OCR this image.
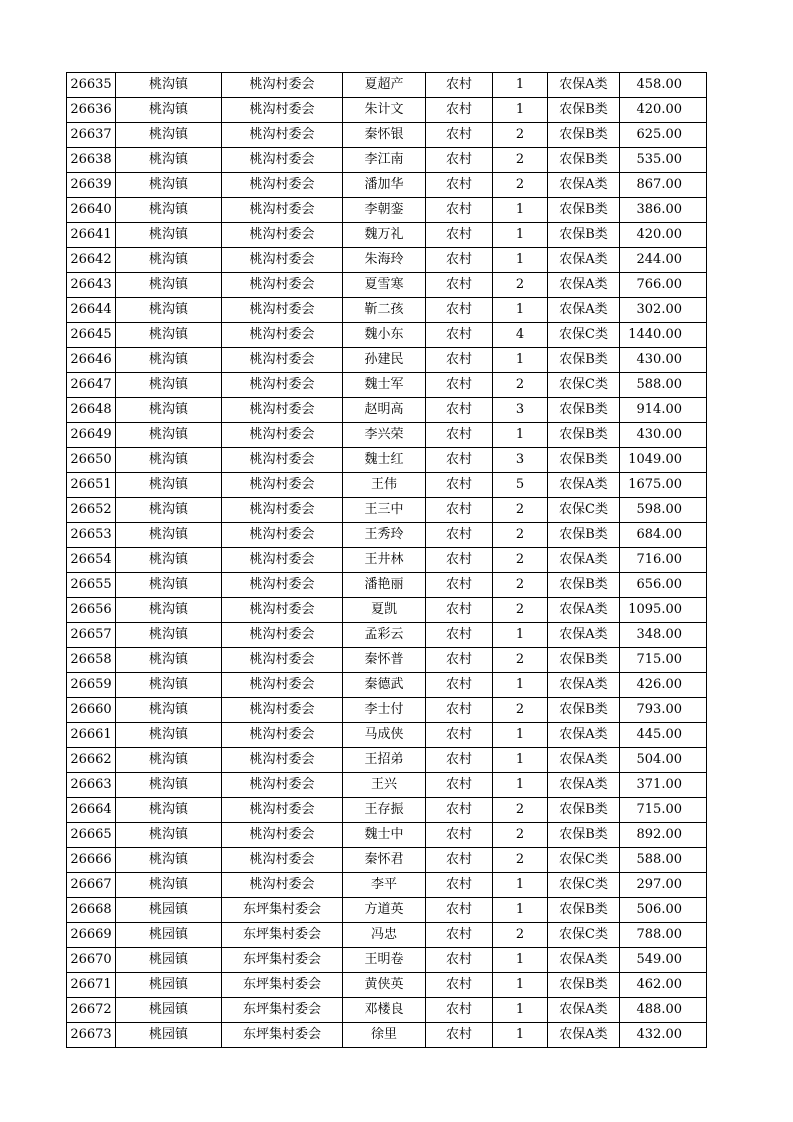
26635	桃沟镇	桃沟村委会	夏超产	农村	1	农保A类	458.00
26636	桃沟镇	桃沟村委会	朱计文	农村	1	农保B类	420.00
26637	桃沟镇	桃沟村委会	秦怀银	农村	2	农保B类	625.00
26638	桃沟镇	桃沟村委会	李江南	农村	2	农保B类	535.00
26639	桃沟镇	桃沟村委会	潘加华	农村	2	农保A类	867.00
26640	桃沟镇	桃沟村委会	李朝銮	农村	1	农保B类	386.00
26641	桃沟镇	桃沟村委会	魏万礼	农村	1	农保B类	420.00
26642	桃沟镇	桃沟村委会	朱海玲	农村	1	农保A类	244.00
26643	桃沟镇	桃沟村委会	夏雪寒	农村	2	农保A类	766.00
26644	桃沟镇	桃沟村委会	靳二孩	农村	1	农保A类	302.00
26645	桃沟镇	桃沟村委会	魏小东	农村	4	农保C类	1440.00
26646	桃沟镇	桃沟村委会	孙建民	农村	1	农保B类	430.00
26647	桃沟镇	桃沟村委会	魏士军	农村	2	农保C类	588.00
26648	桃沟镇	桃沟村委会	赵明高	农村	3	农保B类	914.00
26649	桃沟镇	桃沟村委会	李兴荣	农村	1	农保B类	430.00
26650	桃沟镇	桃沟村委会	魏士红	农村	3	农保B类	1049.00
26651	桃沟镇	桃沟村委会	王伟	农村	5	农保A类	1675.00
26652	桃沟镇	桃沟村委会	王三中	农村	2	农保C类	598.00
26653	桃沟镇	桃沟村委会	王秀玲	农村	2	农保B类	684.00
26654	桃沟镇	桃沟村委会	王井林	农村	2	农保A类	716.00
26655	桃沟镇	桃沟村委会	潘艳丽	农村	2	农保B类	656.00
26656	桃沟镇	桃沟村委会	夏凯	农村	2	农保A类	1095.00
26657	桃沟镇	桃沟村委会	孟彩云	农村	1	农保A类	348.00
26658	桃沟镇	桃沟村委会	秦怀普	农村	2	农保B类	715.00
26659	桃沟镇	桃沟村委会	秦德武	农村	1	农保A类	426.00
26660	桃沟镇	桃沟村委会	李士付	农村	2	农保B类	793.00
26661	桃沟镇	桃沟村委会	马成侠	农村	1	农保A类	445.00
26662	桃沟镇	桃沟村委会	王招弟	农村	1	农保A类	504.00
26663	桃沟镇	桃沟村委会	王兴	农村	1	农保A类	371.00
26664	桃沟镇	桃沟村委会	王存振	农村	2	农保B类	715.00
26665	桃沟镇	桃沟村委会	魏士中	农村	2	农保B类	892.00
26666	桃沟镇	桃沟村委会	秦怀君	农村	2	农保C类	588.00
26667	桃沟镇	桃沟村委会	李平	农村	1	农保C类	297.00
26668	桃园镇	东坪集村委会	方道英	农村	1	农保B类	506.00
26669	桃园镇	东坪集村委会	冯忠	农村	2	农保C类	788.00
26670	桃园镇	东坪集村委会	王明卷	农村	1	农保A类	549.00
26671	桃园镇	东坪集村委会	黄侠英	农村	1	农保B类	462.00
26672	桃园镇	东坪集村委会	邓楼良	农村	1	农保A类	488.00
26673	桃园镇	东坪集村委会	徐里	农村	1	农保A类	432.00
